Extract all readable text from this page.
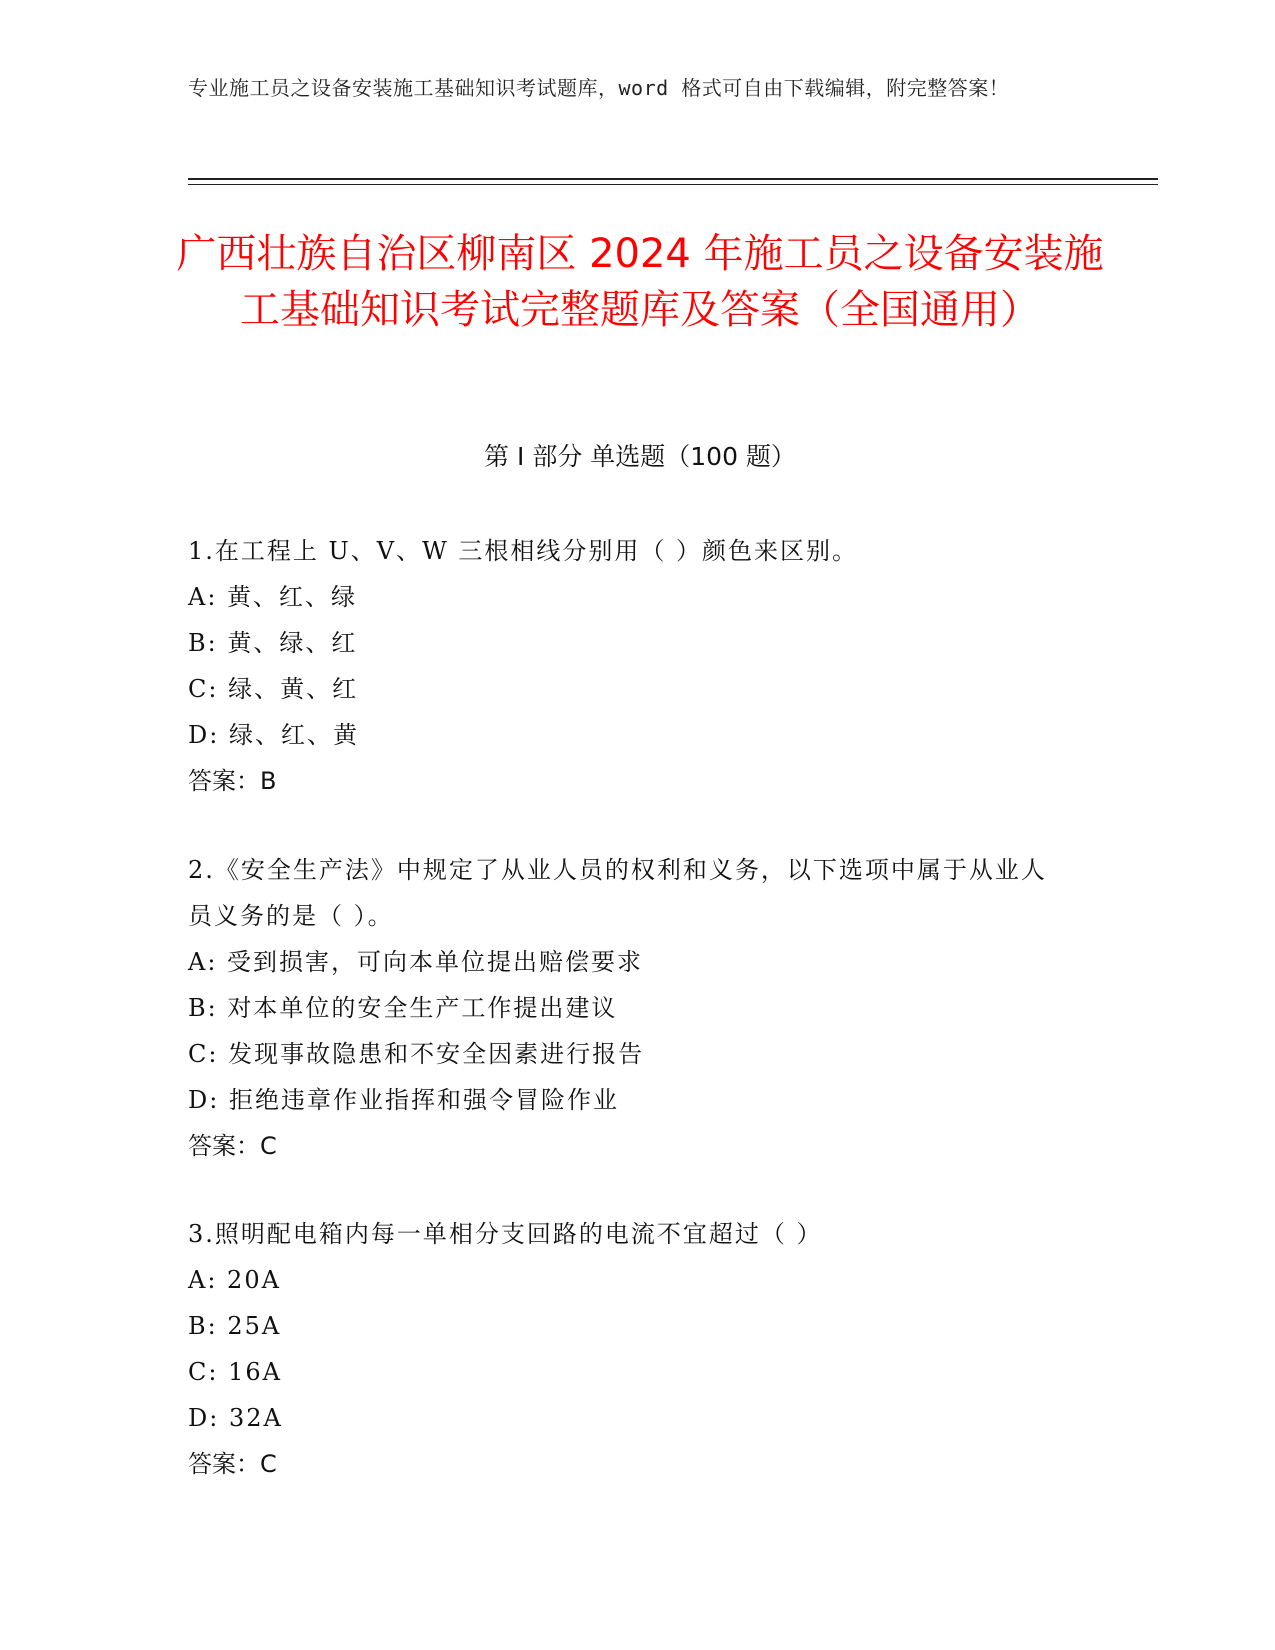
专业施工员之设备安装施工基础知识考试题库，word 格式可自由下载编辑，附完整答案！
广西壮族自治区柳南区 2024 年施工员之设备安装施工基础知识考试完整题库及答案（全国通用）
第 I 部分 单选题（100 题）
1.在工程上 U、V、W 三根相线分别用（ ）颜色来区别。
A: 黄、红、绿
B: 黄、绿、红
C: 绿、黄、红
D: 绿、红、黄
答案：B
2.《安全生产法》中规定了从业人员的权利和义务，以下选项中属于从业人员义务的是（ ）。
A: 受到损害，可向本单位提出赔偿要求
B: 对本单位的安全生产工作提出建议
C: 发现事故隐患和不安全因素进行报告
D: 拒绝违章作业指挥和强令冒险作业
答案：C
3.照明配电箱内每一单相分支回路的电流不宜超过（ ）
A: 20A
B: 25A
C: 16A
D: 32A
答案：C
